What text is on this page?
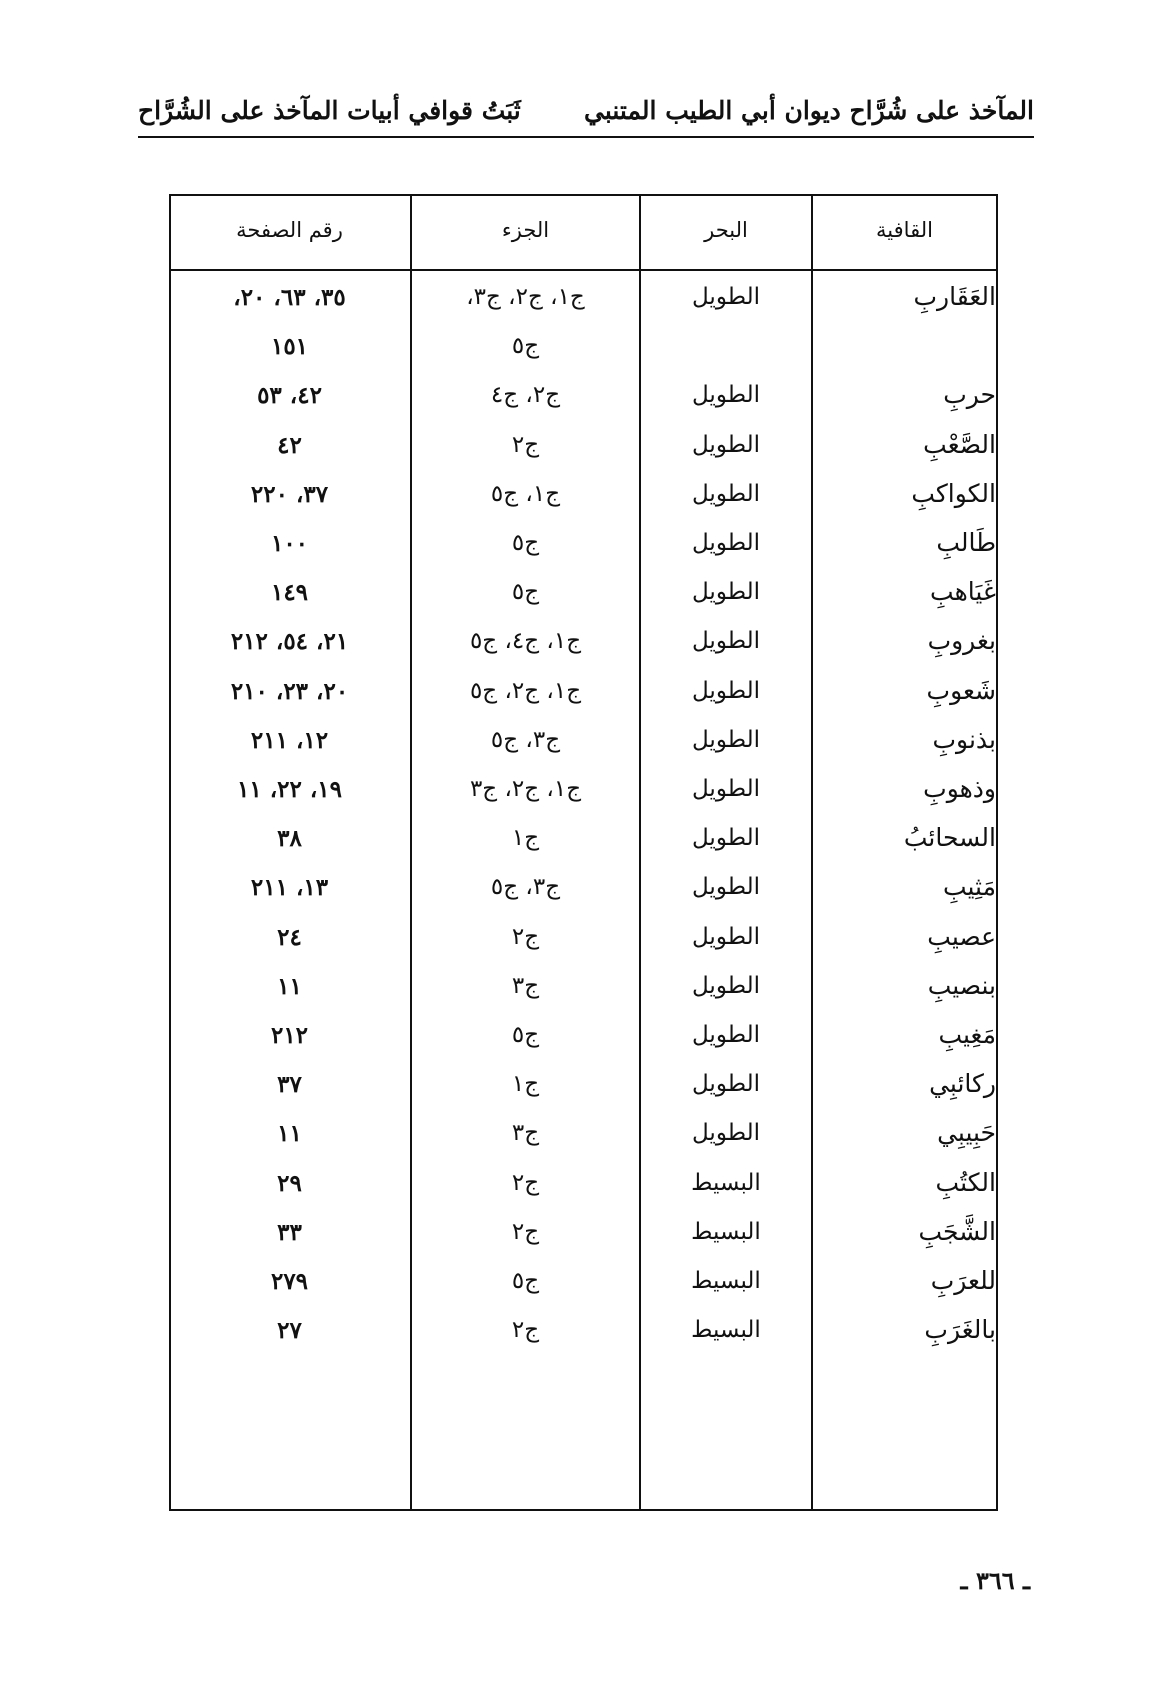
المآخذ على شُرَّاح ديوان أبي الطيب المتنبي
ثَبَتُ قوافي أبيات المآخذ على الشُرَّاح
القافية
البحر
الجزء
رقم الصفحة
العَقَاربِ
الطويل
ج١، ج٢، ج٣،
٣٥، ٦٣، ٢٠،
ج٥
١٥١
حربِ
الطويل
ج٢، ج٤
٤٢، ٥٣
الصَّعْبِ
الطويل
ج٢
٤٢
الكواكبِ
الطويل
ج١، ج٥
٣٧، ٢٢٠
طَالبِ
الطويل
ج٥
١٠٠
غَيَاهبِ
الطويل
ج٥
١٤٩
بغروبِ
الطويل
ج١، ج٤، ج٥
٢١، ٥٤، ٢١٢
شَعوبِ
الطويل
ج١، ج٢، ج٥
٢٠، ٢٣، ٢١٠
بذنوبِ
الطويل
ج٣، ج٥
١٢، ٢١١
وذهوبِ
الطويل
ج١، ج٢، ج٣
١٩، ٢٢، ١١
السحائبُ
الطويل
ج١
٣٨
مَثِيبِ
الطويل
ج٣، ج٥
١٣، ٢١١
عصيبِ
الطويل
ج٢
٢٤
بنصيبِ
الطويل
ج٣
١١
مَغِيبِ
الطويل
ج٥
٢١٢
ركائبِي
الطويل
ج١
٣٧
حَبِيبِي
الطويل
ج٣
١١
الكتُبِ
البسيط
ج٢
٢٩
الشَّجَبِ
البسيط
ج٢
٣٣
للعرَبِ
البسيط
ج٥
٢٧٩
بالغَرَبِ
البسيط
ج٢
٢٧
ـ ٣٦٦ ـ
